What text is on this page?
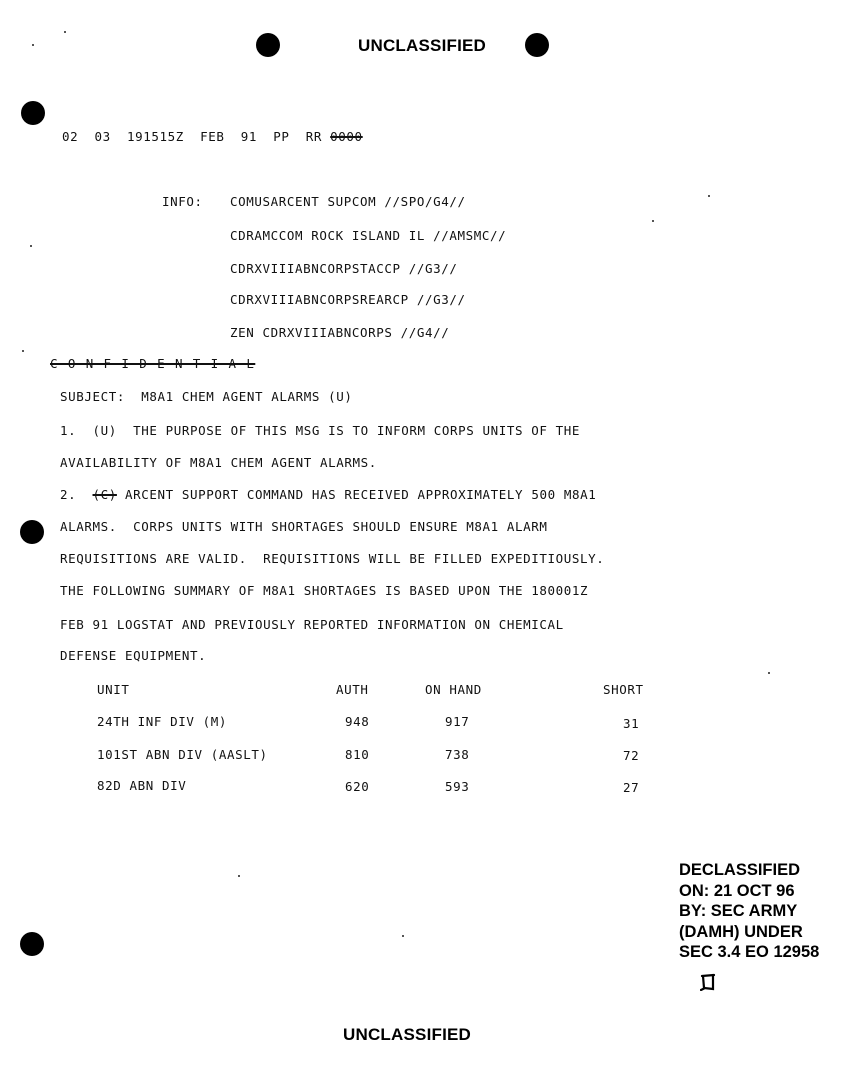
UNCLASSIFIED
02  03  191515Z  FEB  91  PP  RR 0000
INFO: COMUSARCENT SUPCOM //SPO/G4//
CDRAMCCOM ROCK ISLAND IL //AMSMC//
CDRXVIIIABNCORPSTACCP //G3//
CDRXVIIIABNCORPSREARCP //G3//
ZEN CDRXVIIIABNCORPS //G4//
C O N F I D E N T I A L
SUBJECT:  M8A1 CHEM AGENT ALARMS (U)
1.  (U)  THE PURPOSE OF THIS MSG IS TO INFORM CORPS UNITS OF THE
AVAILABILITY OF M8A1 CHEM AGENT ALARMS.
2.  (C) ARCENT SUPPORT COMMAND HAS RECEIVED APPROXIMATELY 500 M8A1
ALARMS.  CORPS UNITS WITH SHORTAGES SHOULD ENSURE M8A1 ALARM
REQUISITIONS ARE VALID.  REQUISITIONS WILL BE FILLED EXPEDITIOUSLY.
THE FOLLOWING SUMMARY OF M8A1 SHORTAGES IS BASED UPON THE 180001Z
FEB 91 LOGSTAT AND PREVIOUSLY REPORTED INFORMATION ON CHEMICAL
DEFENSE EQUIPMENT.
UNIT	AUTH	ON HAND	SHORT
24TH INF DIV (M)	948	917	31
101ST ABN DIV (AASLT)	810	738	72
82D ABN DIV	620	593	27
DECLASSIFIED
ON: 21 OCT 96
BY: SEC ARMY
(DAMH) UNDER
SEC 3.4 EO 12958
UNCLASSIFIED
